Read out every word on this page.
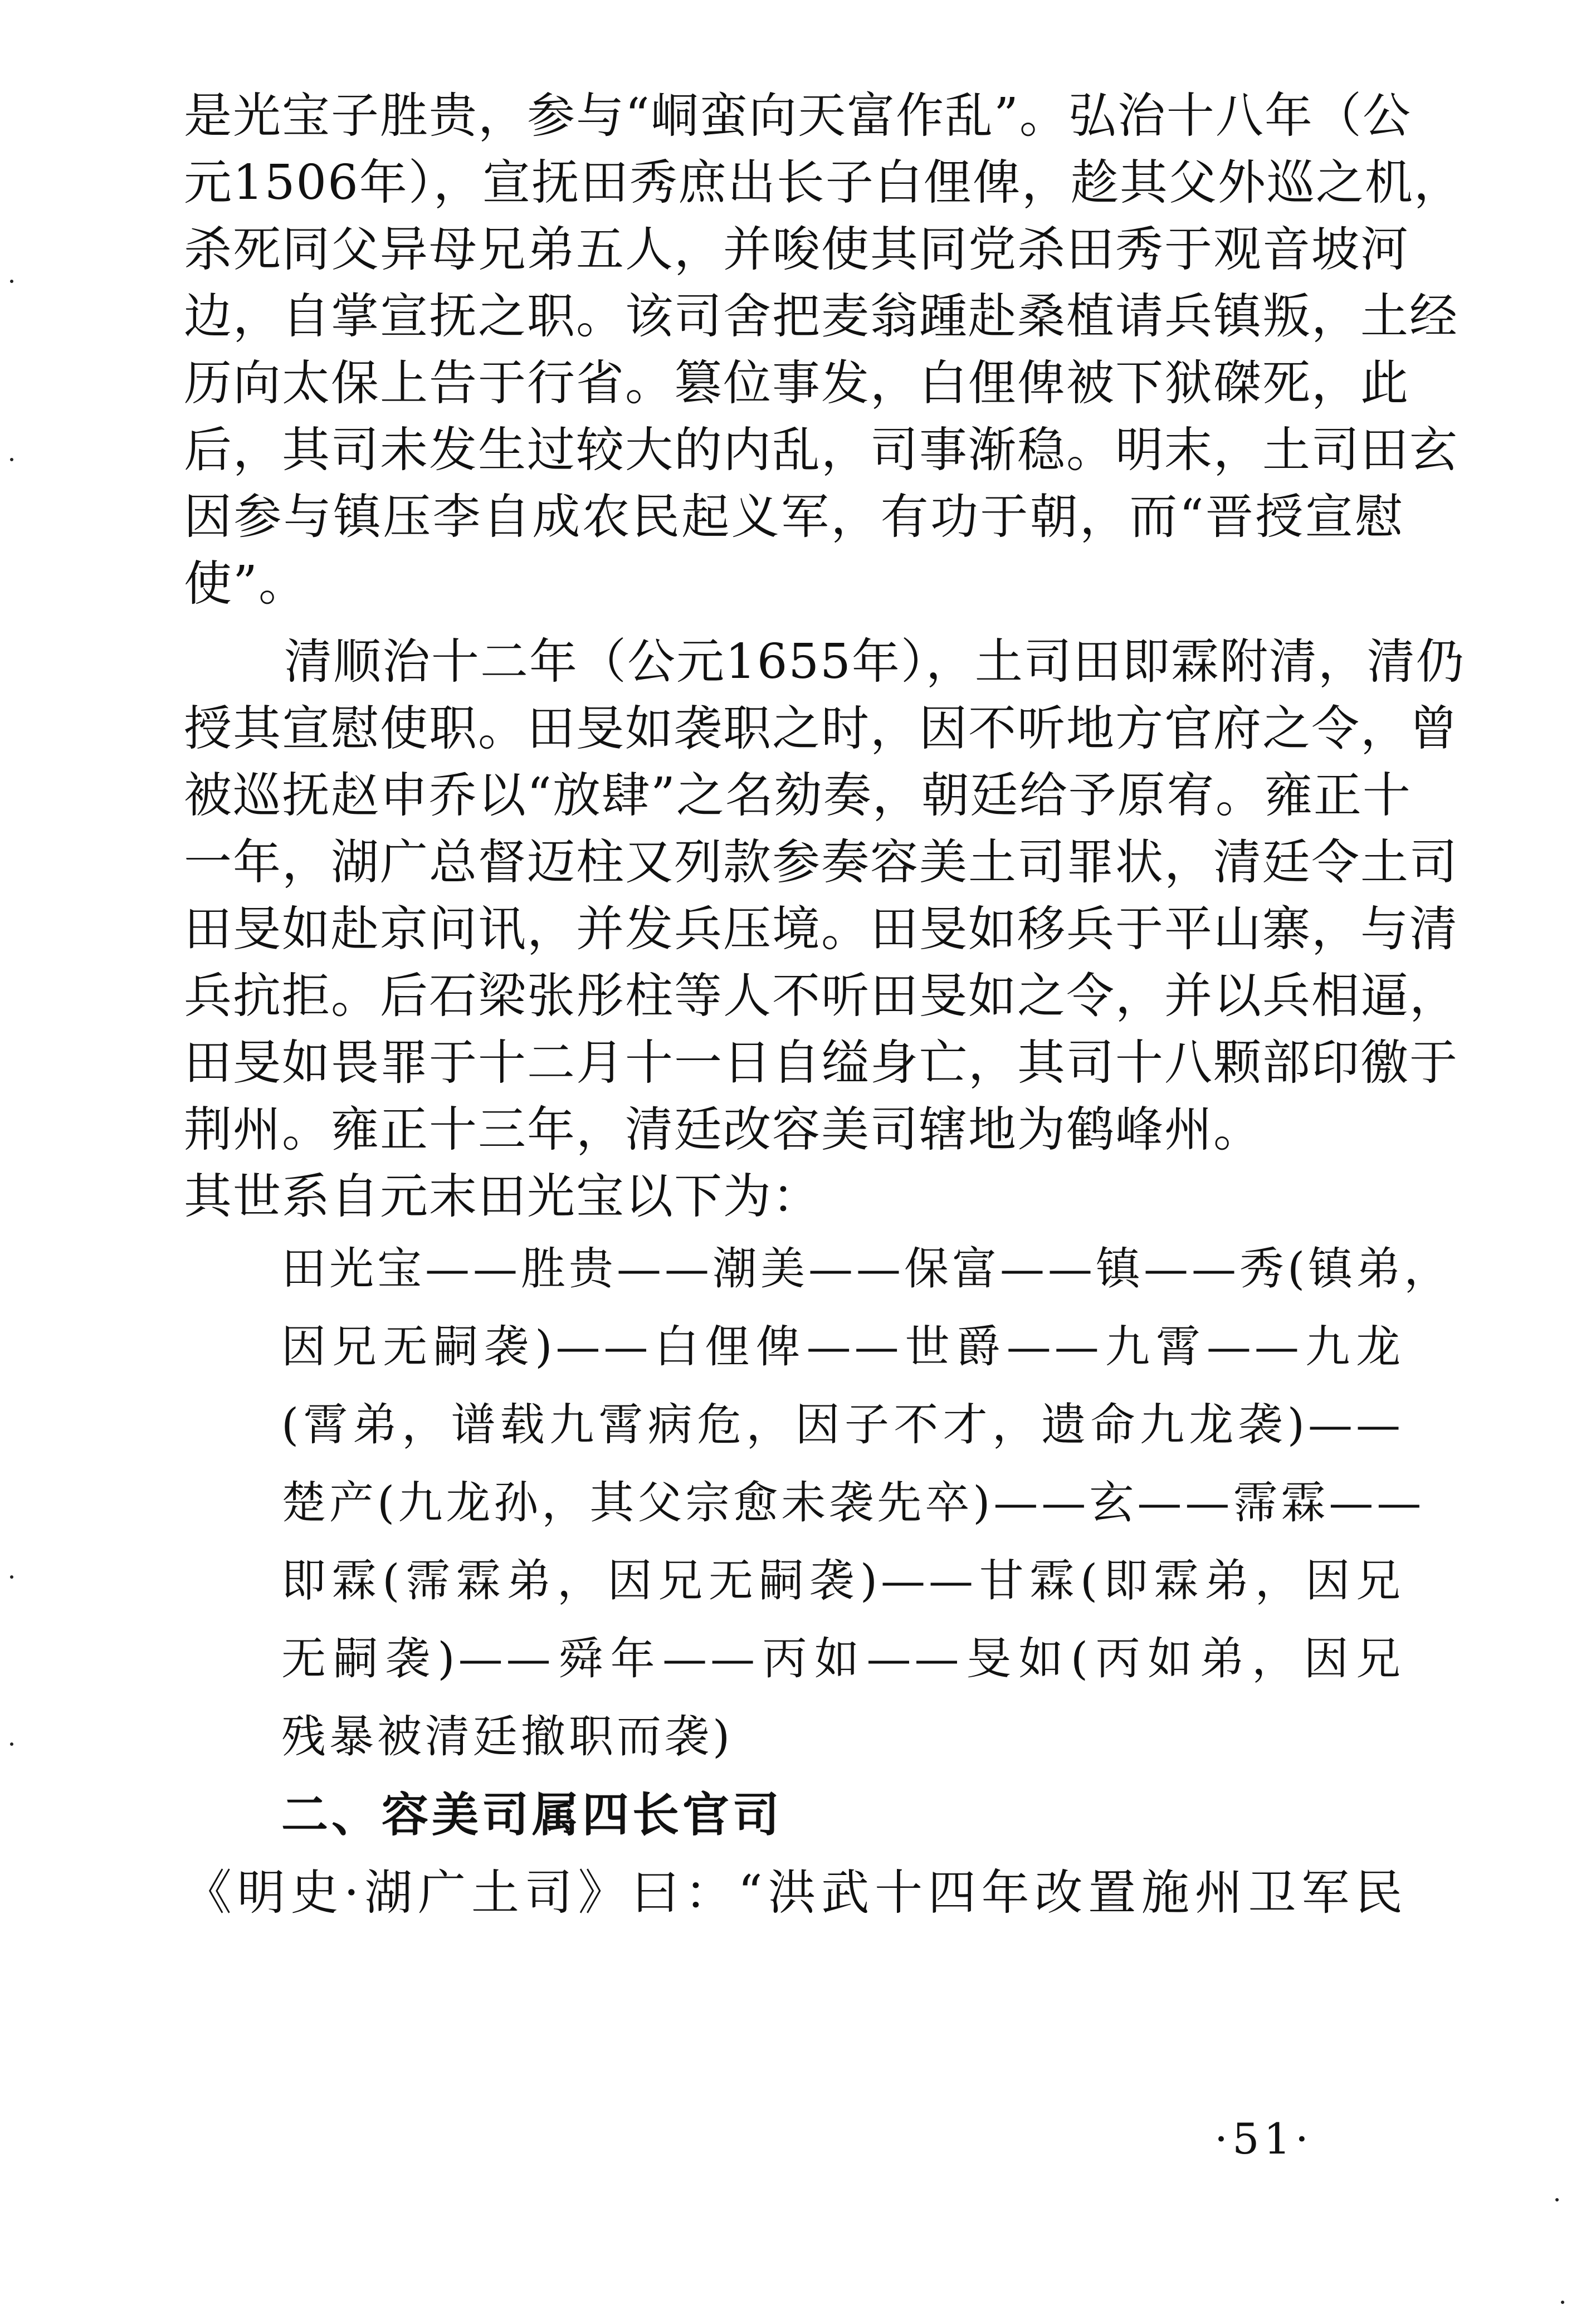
是光宝子胜贵，参与“峒蛮向天富作乱”。弘治十八年（公

元1506年），宣抚田秀庶出长子白俚俾，趁其父外巡之机，

杀死同父异母兄弟五人，并唆使其同党杀田秀于观音坡河

边，自掌宣抚之职。该司舍把麦翁踵赴桑植请兵镇叛，土经

历向太保上告于行省。篡位事发，白俚俾被下狱磔死，此

后，其司未发生过较大的内乱，司事渐稳。明末，土司田玄

因参与镇压李自成农民起义军，有功于朝，而“晋授宣慰

使”。

清顺治十二年（公元1655年），土司田即霖附清，清仍

授其宣慰使职。田旻如袭职之时，因不听地方官府之令，曾

被巡抚赵申乔以“放肆”之名劾奏，朝廷给予原宥。雍正十

一年，湖广总督迈柱又列款参奏容美土司罪状，清廷令土司

田旻如赴京问讯，并发兵压境。田旻如移兵于平山寨，与清

兵抗拒。后石梁张彤柱等人不听田旻如之令，并以兵相逼，

田旻如畏罪于十二月十一日自缢身亡，其司十八颗部印徼于

荆州。雍正十三年，清廷改容美司辖地为鹤峰州。

其世系自元末田光宝以下为：

田光宝——胜贵——潮美——保富——镇——秀(镇弟，

因兄无嗣袭)——白俚俾——世爵——九霄——九龙

(霄弟，谱载九霄病危，因子不才，遗命九龙袭)——

楚产(九龙孙，其父宗愈未袭先卒)——玄——霈霖——

即霖(霈霖弟，因兄无嗣袭)——甘霖(即霖弟，因兄

无嗣袭)——舜年——丙如——旻如(丙如弟，因兄

残暴被清廷撤职而袭)

二、容美司属四长官司

《明史·湖广土司》曰：“洪武十四年改置施州卫军民

·51·
